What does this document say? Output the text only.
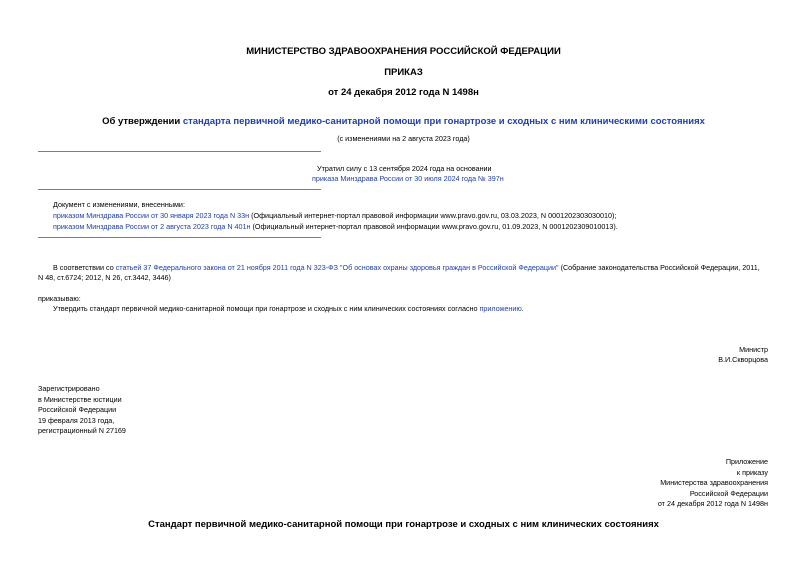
МИНИСТЕРСТВО ЗДРАВООХРАНЕНИЯ РОССИЙСКОЙ ФЕДЕРАЦИИ
ПРИКАЗ
от 24 декабря 2012 года N 1498н
Об утверждении стандарта первичной медико-санитарной помощи при гонартрозе и сходных с ним клиническими состояниях
(с изменениями на 2 августа 2023 года)
Утратил силу с 13 сентября 2024 года на основании
приказа Минздрава России от 30 июля 2024 года № 397н
Документ с изменениями, внесенными:
приказом Минздрава России от 30 января 2023 года N 33н (Официальный интернет-портал правовой информации www.pravo.gov.ru, 03.03.2023, N 0001202303030010);
приказом Минздрава России от 2 августа 2023 года N 401н (Официальный интернет-портал правовой информации www.pravo.gov.ru, 01.09.2023, N 0001202309010013).
В соответствии со статьей 37 Федерального закона от 21 ноября 2011 года N 323-ФЗ "Об основах охраны здоровья граждан в Российской Федерации" (Собрание законодательства Российской Федерации, 2011,
N 48, ст.6724; 2012, N 26, ст.3442, 3446)
приказываю:
Утвердить стандарт первичной медико-санитарной помощи при гонартрозе и сходных с ним клинических состояниях согласно приложению.
Министр
В.И.Скворцова
Зарегистрировано
в Министерстве юстиции
Российской Федерации
19 февраля 2013 года,
регистрационный N 27169
Приложение
к приказу
Министерства здравоохранения
Российской Федерации
от 24 декабря 2012 года N 1498н
Стандарт первичной медико-санитарной помощи при гонартрозе и сходных с ним клинических состояниях
